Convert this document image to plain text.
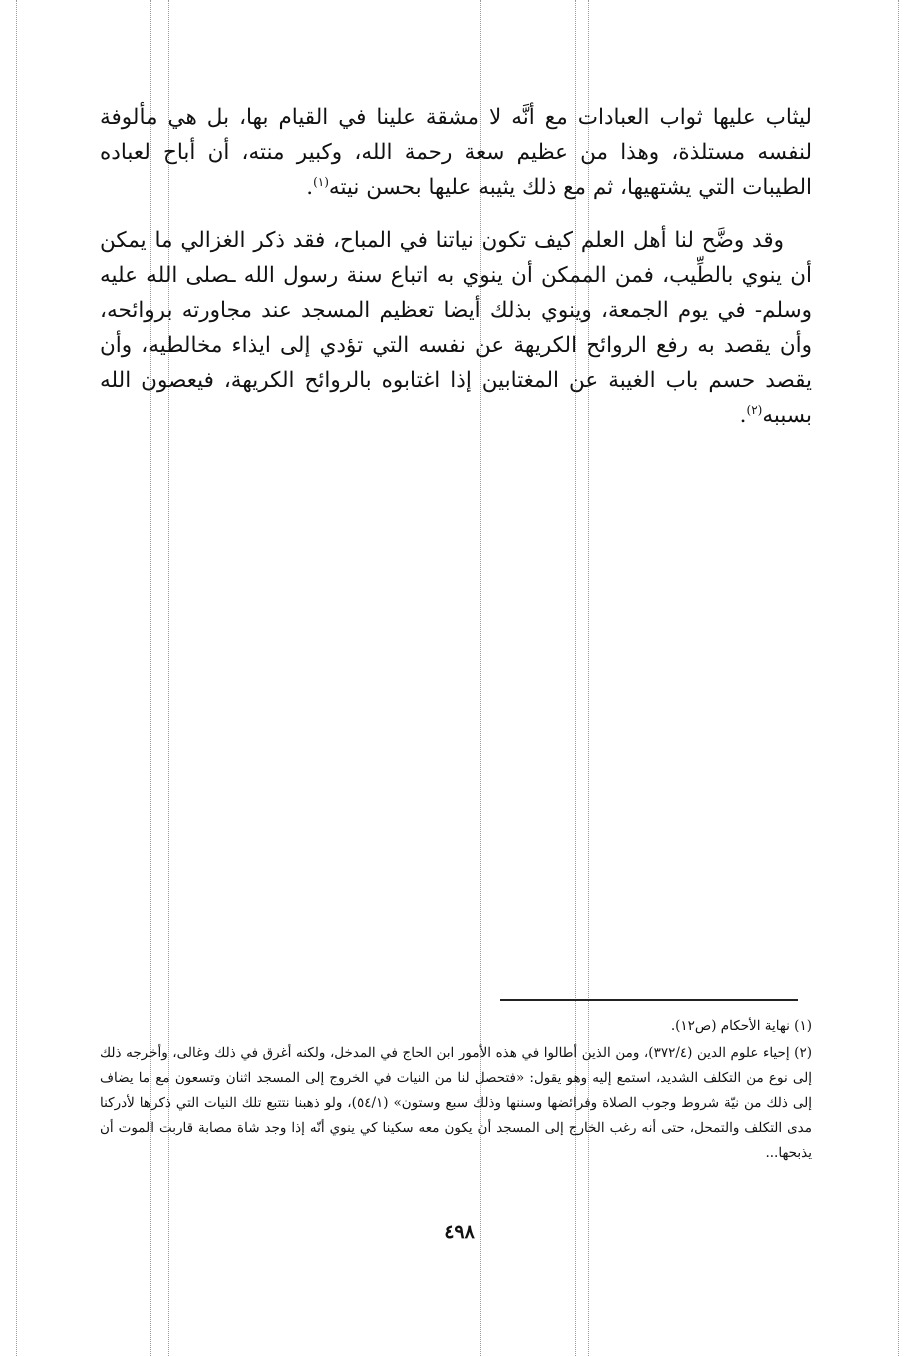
ليثاب عليها ثواب العبادات مع أنَّه لا مشقة علينا في القيام بها، بل هي مألوفة لنفسه مستلذة، وهذا من عظيم سعة رحمة الله، وكبير منته، أن أباح لعباده الطيبات التي يشتهيها، ثم مع ذلك يثيبه عليها بحسن نيته$^{(١)}$.

وقد وضَّح لنا أهل العلم كيف تكون نياتنا في المباح، فقد ذكر الغزالي ما يمكن أن ينوي بالطِّيب، فمن الممكن أن ينوي به اتباع سنة رسول الله ـصلى الله عليه وسلم- في يوم الجمعة، وينوي بذلك أيضا تعظيم المسجد عند مجاورته بروائحه، وأن يقصد به رفع الروائح الكريهة عن نفسه التي تؤدي إلى ايذاء مخالطيه، وأن يقصد حسم باب الغيبة عن المغتابين إذا اغتابوه بالروائح الكريهة، فيعصون الله بسببه$^{(٢)}$.

(١) نهاية الأحكام (ص١٢).

(٢) إحياء علوم الدين (٣٧٢/٤)، ومن الذين أطالوا في هذه الأمور ابن الحاج في المدخل، ولكنه أغرق في ذلك وغالى، وأخرجه ذلك إلى نوع من التكلف الشديد، استمع إليه وهو يقول: «فتحصل لنا من النيات في الخروج إلى المسجد اثنان وتسعون مع ما يضاف إلى ذلك من نيّة شروط وجوب الصلاة وفرائضها وسننها وذلك سبع وستون» (٥٤/١)، ولو ذهبنا نتتبع تلك النيات التي ذكرها لأدركنا مدى التكلف والتمحل، حتى أنه رغب الخارج إلى المسجد أن يكون معه سكينا كي ينوي أنّه إذا وجد شاة مصابة قاربت الموت أن يذبحها...

٤٩٨
